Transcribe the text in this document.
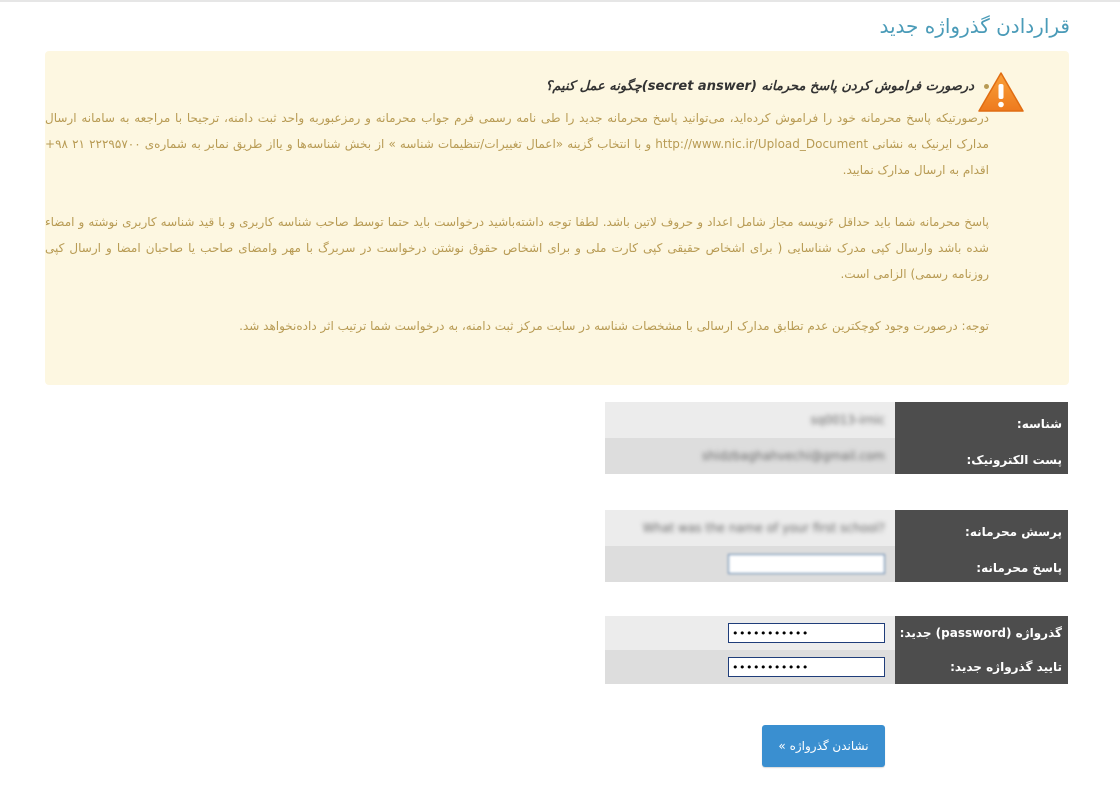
قراردادن گذرواژه جدید

درصورت فراموش کردن پاسخ محرمانه (secret answer)چگونه عمل کنیم؟

درصورتیکه پاسخ محرمانه خود را فراموش کرده‌اید، می‌توانید پاسخ محرمانه جدید را طی نامه رسمی فرم جواب محرمانه و رمزعبوربه واحد ثبت دامنه، ترجیحا با مراجعه به سامانه ارسال مدارک ایرنیک به نشانی http://www.nic.ir/Upload_Document و با انتخاب گزینه «اعمال تغییرات/تنظیمات شناسه » از بخش شناسه‌ها و یااز طریق نمابر به شماره‌ی ۲۲۲۹۵۷۰۰ ۲۱ ۹۸+ اقدام به ارسال مدارک نمایید.

پاسخ محرمانه شما باید حداقل ۶نویسه مجاز شامل اعداد و حروف لاتین باشد. لطفا توجه داشته‌باشید درخواست باید حتما توسط صاحب شناسه کاربری و با قید شناسه کاربری نوشته و امضاء شده باشد وارسال کپی مدرک شناسایی ( برای اشخاص حقیقی کپی کارت ملی و برای اشخاص حقوق نوشتن درخواست در سربرگ با مهر وامضای صاحب یا صاحبان امضا و ارسال کپی روزنامه رسمی) الزامی است.

توجه: درصورت وجود کوچکترین عدم تطابق مدارک ارسالی با مشخصات شناسه در سایت مرکز ثبت دامنه، به درخواست شما ترتیب اثر داده‌نخواهد شد.

شناسه:
sq0013-irnic
پست الکترونیک:
shidzbaghahvechi@gmail.com
پرسش محرمانه:
What was the name of your first school?
پاسخ محرمانه:
گذرواژه (password) جدید:
•••••••••••
تایید گذرواژه جدید:
•••••••••••
نشاندن گذرواژه »
